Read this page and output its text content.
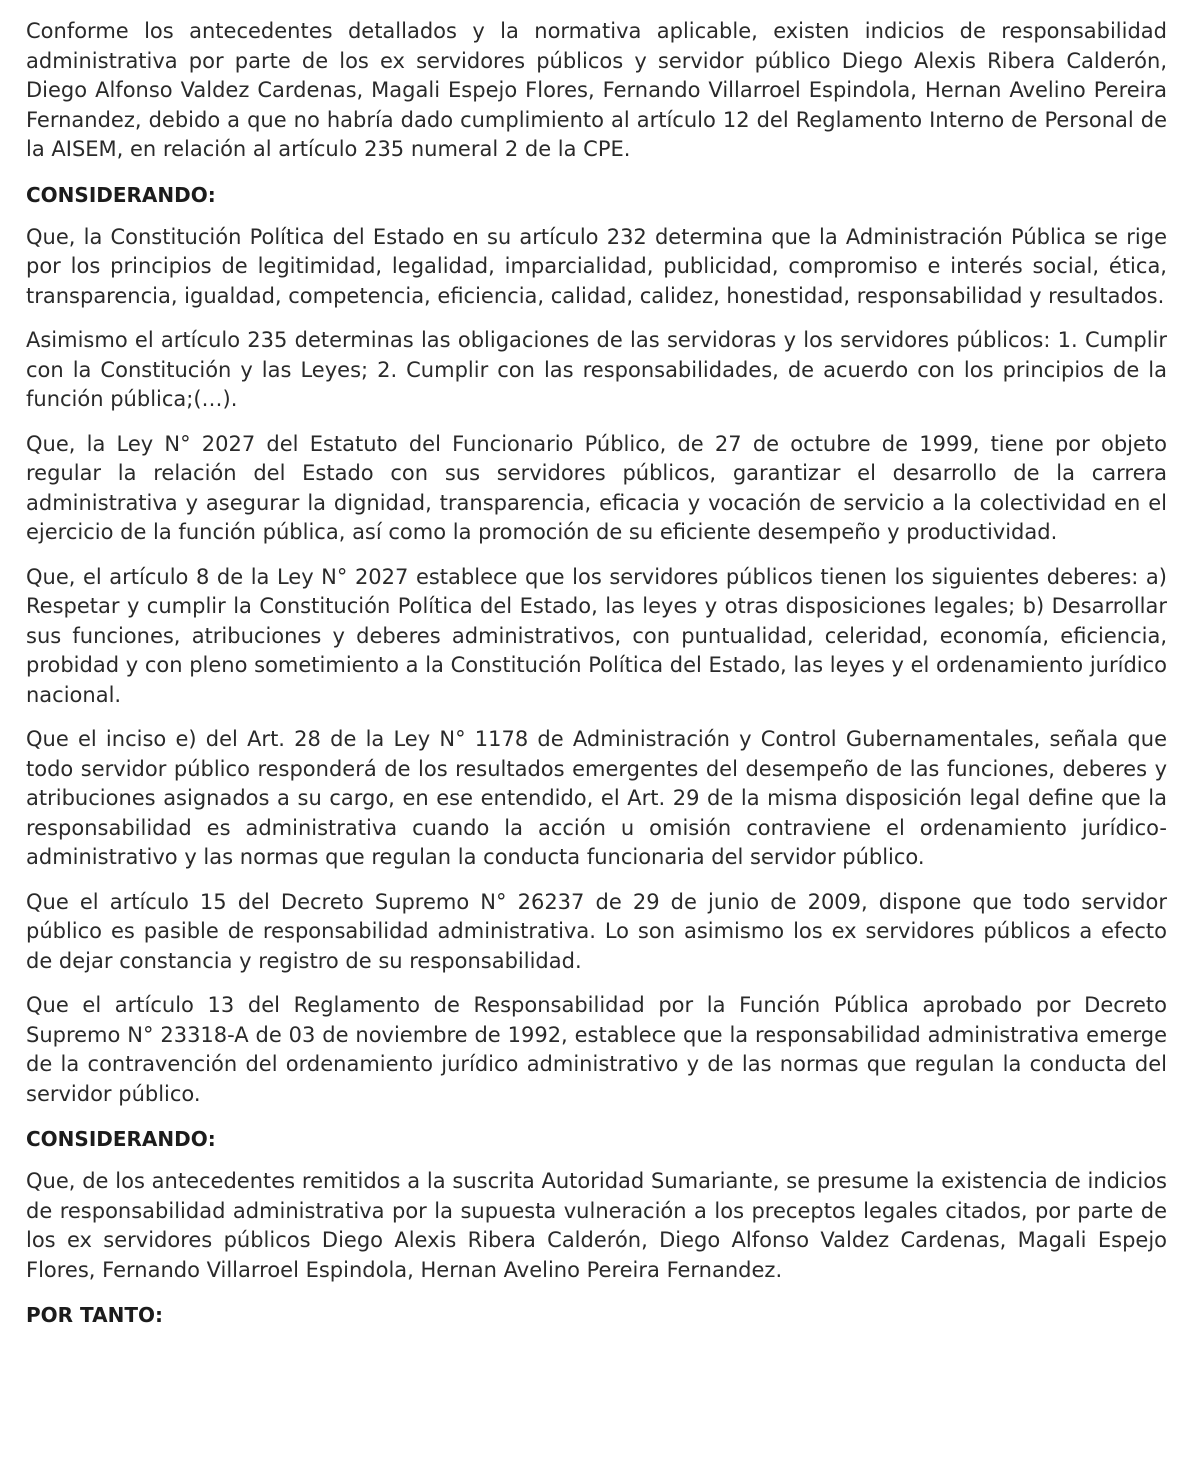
Conforme los antecedentes detallados y la normativa aplicable, existen indicios de responsabilidad administrativa por parte de los ex servidores públicos y servidor público Diego Alexis Ribera Calderón, Diego Alfonso Valdez Cardenas, Magali Espejo Flores, Fernando Villarroel Espindola, Hernan Avelino Pereira Fernandez, debido a que no habría dado cumplimiento al artículo 12 del Reglamento Interno de Personal de la AISEM, en relación al artículo 235 numeral 2 de la CPE.

CONSIDERANDO:

Que, la Constitución Política del Estado en su artículo 232 determina que la Administración Pública se rige por los principios de legitimidad, legalidad, imparcialidad, publicidad, compromiso e interés social, ética, transparencia, igualdad, competencia, eficiencia, calidad, calidez, honestidad, responsabilidad y resultados.

Asimismo el artículo 235 determinas las obligaciones de las servidoras y los servidores públicos: 1. Cumplir con la Constitución y las Leyes; 2. Cumplir con las responsabilidades, de acuerdo con los principios de la función pública;(…).

Que, la Ley N° 2027 del Estatuto del Funcionario Público, de 27 de octubre de 1999, tiene por objeto regular la relación del Estado con sus servidores públicos, garantizar el desarrollo de la carrera administrativa y asegurar la dignidad, transparencia, eficacia y vocación de servicio a la colectividad en el ejercicio de la función pública, así como la promoción de su eficiente desempeño y productividad.

Que, el artículo 8 de la Ley N° 2027 establece que los servidores públicos tienen los siguientes deberes: a) Respetar y cumplir la Constitución Política del Estado, las leyes y otras disposiciones legales; b) Desarrollar sus funciones, atribuciones y deberes administrativos, con puntualidad, celeridad, economía, eficiencia, probidad y con pleno sometimiento a la Constitución Política del Estado, las leyes y el ordenamiento jurídico nacional.

Que el inciso e) del Art. 28 de la Ley N° 1178 de Administración y Control Gubernamentales, señala que todo servidor público responderá de los resultados emergentes del desempeño de las funciones, deberes y atribuciones asignados a su cargo, en ese entendido, el Art. 29 de la misma disposición legal define que la responsabilidad es administrativa cuando la acción u omisión contraviene el ordenamiento jurídico-administrativo y las normas que regulan la conducta funcionaria del servidor público.

Que el artículo 15 del Decreto Supremo N° 26237 de 29 de junio de 2009, dispone que todo servidor público es pasible de responsabilidad administrativa. Lo son asimismo los ex servidores públicos a efecto de dejar constancia y registro de su responsabilidad.

Que el artículo 13 del Reglamento de Responsabilidad por la Función Pública aprobado por Decreto Supremo N° 23318-A de 03 de noviembre de 1992, establece que la responsabilidad administrativa emerge de la contravención del ordenamiento jurídico administrativo y de las normas que regulan la conducta del servidor público.

CONSIDERANDO:

Que, de los antecedentes remitidos a la suscrita Autoridad Sumariante, se presume la existencia de indicios de responsabilidad administrativa por la supuesta vulneración a los preceptos legales citados, por parte de los ex servidores públicos Diego Alexis Ribera Calderón, Diego Alfonso Valdez Cardenas, Magali Espejo Flores, Fernando Villarroel Espindola, Hernan Avelino Pereira Fernandez.

POR TANTO:
